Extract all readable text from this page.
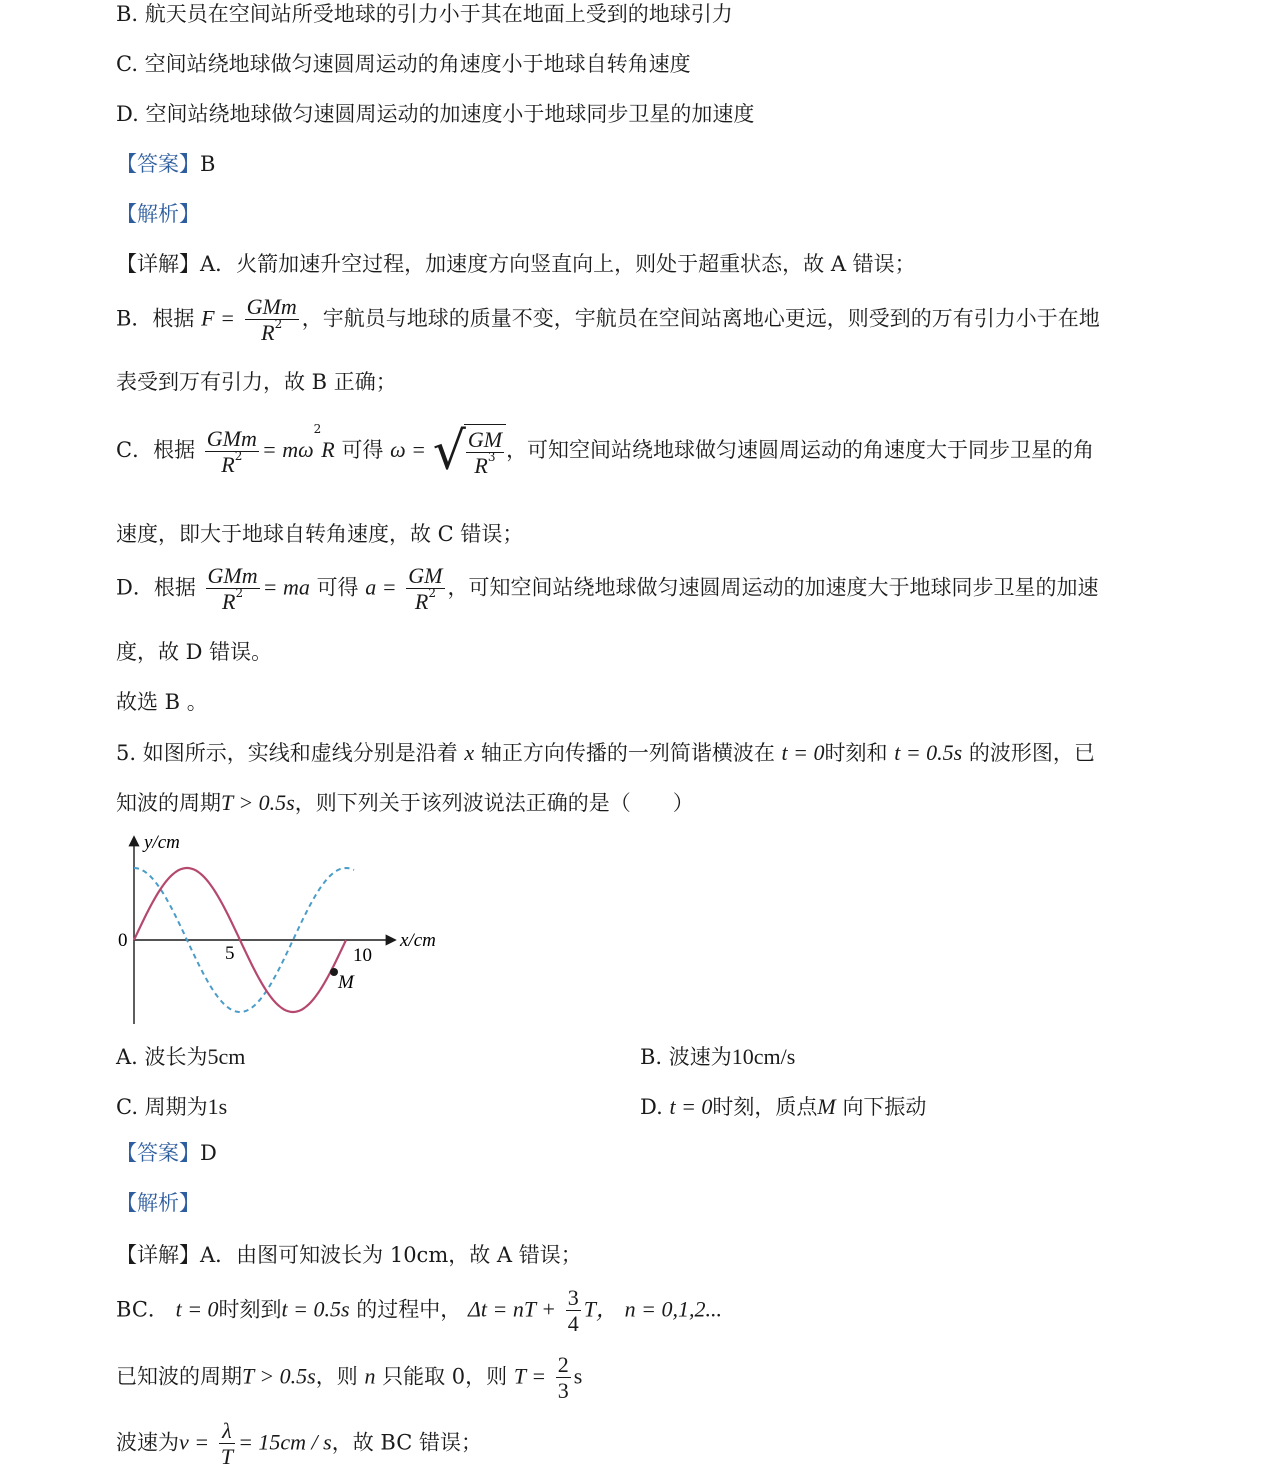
B. 航天员在空间站所受地球的引力小于其在地面上受到的地球引力
C. 空间站绕地球做匀速圆周运动的角速度小于地球自转角速度
D. 空间站绕地球做匀速圆周运动的加速度小于地球同步卫星的加速度
【答案】B
【解析】
【详解】A．火箭加速升空过程，加速度方向竖直向上，则处于超重状态，故 A 错误；
B．根据 $F = \frac{\text{GMm}}{R^2}$ ，宇航员与地球的质量不变，宇航员在空间站离地心更远，则受到的万有引力小于在地
表受到万有引力，故 B 正确；
C．根据 $\frac{\text{GMm}}{R^2} = m\omega^2R$ 可得 ω = √ $\frac{GM}{R^3}$ ，可知空间站绕地球做匀速圆周运动的角速度大于同步卫星的角
速度，即大于地球自转角速度，故 C 错误；
D．根据 $\frac{\text{GMm}}{R^2}$ = ma 可得 $a = \frac{GM}{R^2}$ ，可知空间站绕地球做匀速圆周运动的加速度大于地球同步卫星的加速
度，故 D 错误。
故选 B 。
5. 如图所示，实线和虚线分别是沿着 x 轴正方向传播的一列简谐横波在 t = 0时刻和 t = 0.5s 的波形图，已
知波的周期T > 0.5s，则下列关于该列波说法正确的是（　　）
y/cm
x/cm
0
5	10
M
A. 波长为5cm	B. 波速为10cm/s
C. 周期为1s	D. t = 0时刻，质点M 向下振动
【答案】D
【解析】
【详解】A．由图可知波长为 10cm，故 A 错误；
BC． t = 0时刻到t = 0.5s 的过程中， Δt = nT + $\frac{3}{4}$ T， n = 0,1,2...
已知波的周期T > 0.5s，则 n 只能取 0，则 $T = \frac{2}{3}$ s
波速为$v = \frac{\lambda}{T} = 15cm / s$，故 BC 错误；
